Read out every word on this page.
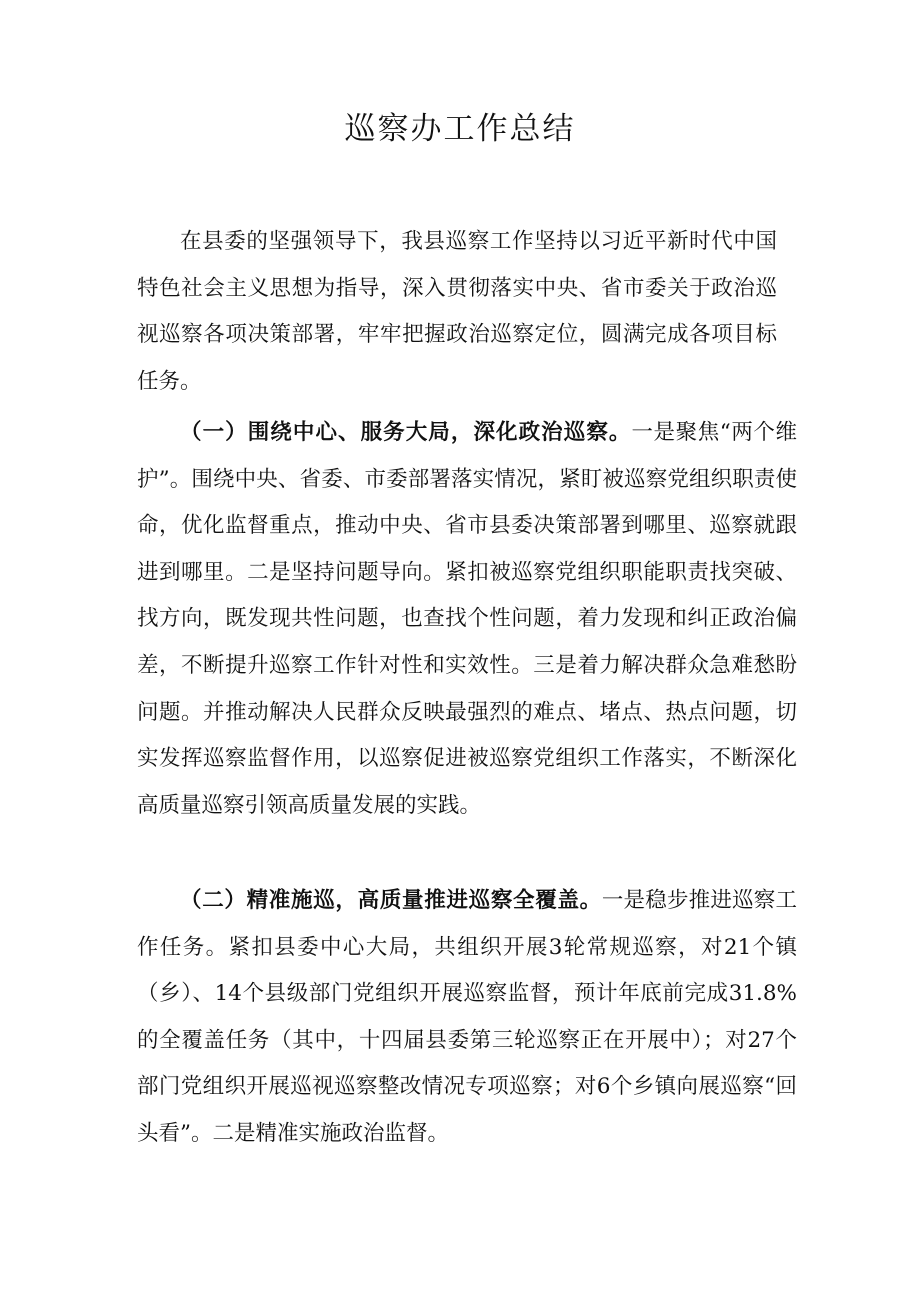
巡察办工作总结

在县委的坚强领导下，我县巡察工作坚持以习近平新时代中国特色社会主义思想为指导，深入贯彻落实中央、省市委关于政治巡视巡察各项决策部署，牢牢把握政治巡察定位，圆满完成各项目标任务。

（一）围绕中心、服务大局，深化政治巡察。一是聚焦“两个维护”。围绕中央、省委、市委部署落实情况，紧盯被巡察党组织职责使命，优化监督重点，推动中央、省市县委决策部署到哪里、巡察就跟进到哪里。二是坚持问题导向。紧扣被巡察党组织职能职责找突破、找方向，既发现共性问题，也查找个性问题，着力发现和纠正政治偏差，不断提升巡察工作针对性和实效性。三是着力解决群众急难愁盼问题。并推动解决人民群众反映最强烈的难点、堵点、热点问题，切实发挥巡察监督作用，以巡察促进被巡察党组织工作落实，不断深化高质量巡察引领高质量发展的实践。

（二）精准施巡，高质量推进巡察全覆盖。一是稳步推进巡察工作任务。紧扣县委中心大局，共组织开展3轮常规巡察，对21个镇（乡）、14个县级部门党组织开展巡察监督，预计年底前完成31.8%的全覆盖任务（其中，十四届县委第三轮巡察正在开展中）；对27个部门党组织开展巡视巡察整改情况专项巡察；对6个乡镇向展巡察“回头看”。二是精准实施政治监督。
